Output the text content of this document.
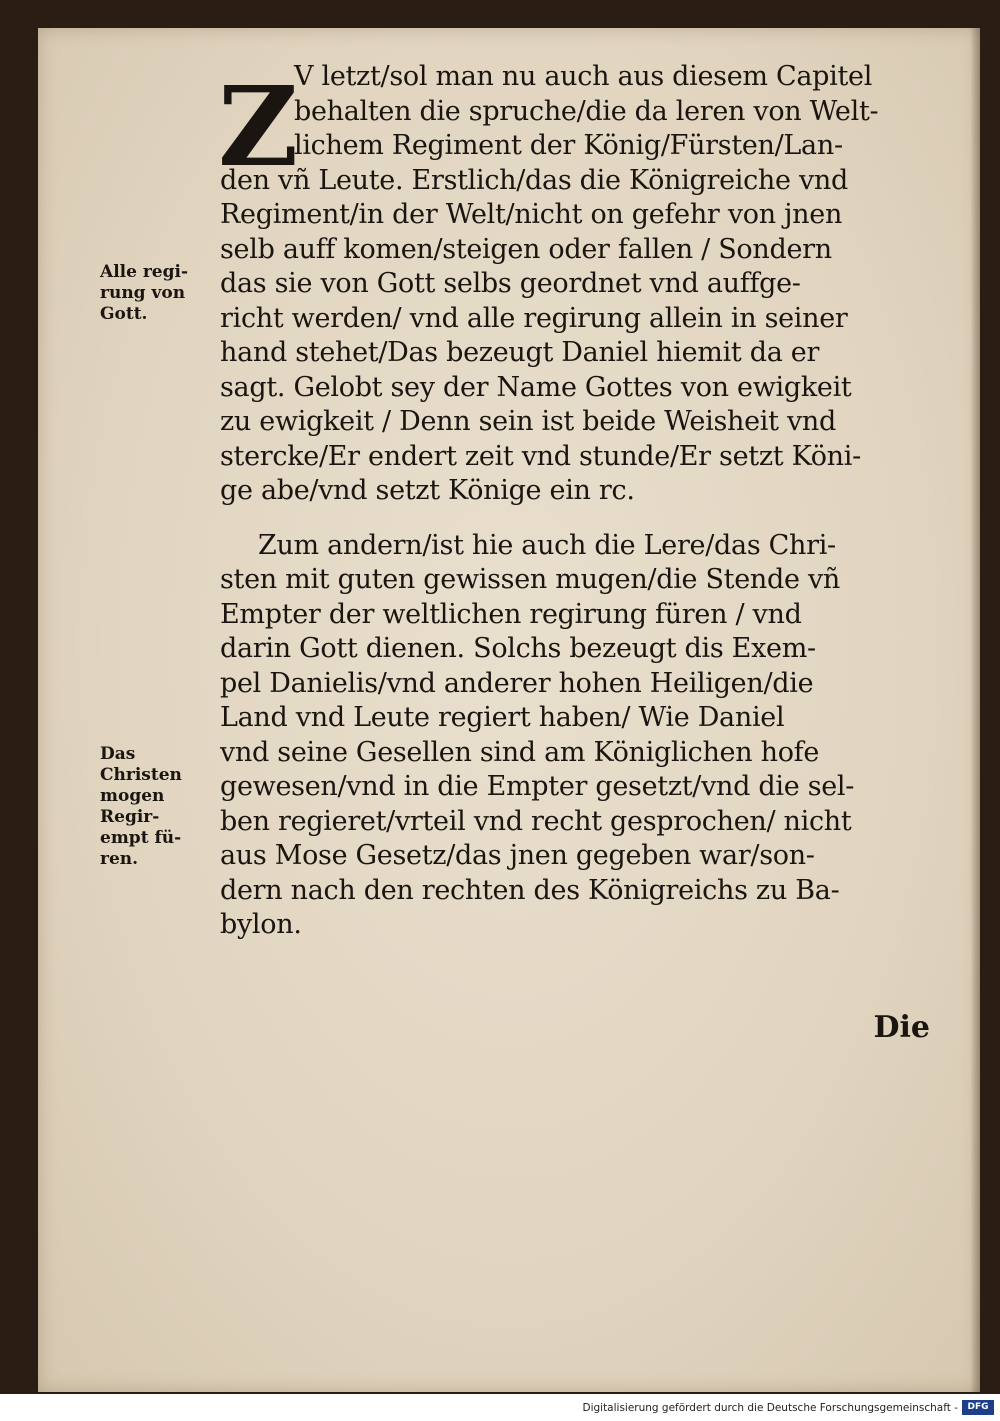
Z
V letzt/sol man nu auch aus diesem Capitel
behalten die spruche/die da leren von Welt-
lichem Regiment der König/Fürsten/Lan-
den vñ Leute. Erstlich/das die Königreiche vnd
Regiment/in der Welt/nicht on gefehr von jnen
selb auff komen/steigen oder fallen / Sondern
das sie von Gott selbs geordnet vnd auffge-
richt werden/ vnd alle regirung allein in seiner
hand stehet/Das bezeugt Daniel hiemit da er
sagt. Gelobt sey der Name Gottes von ewigkeit
zu ewigkeit / Denn sein ist beide Weisheit vnd
stercke/Er endert zeit vnd stunde/Er setzt Köni-
ge abe/vnd setzt Könige ein rc.
Zum andern/ist hie auch die Lere/das Chri-
sten mit guten gewissen mugen/die Stende vñ
Empter der weltlichen regirung füren / vnd
darin Gott dienen. Solchs bezeugt dis Exem-
pel Danielis/vnd anderer hohen Heiligen/die
Land vnd Leute regiert haben/ Wie Daniel
vnd seine Gesellen sind am Königlichen hofe
gewesen/vnd in die Empter gesetzt/vnd die sel-
ben regieret/vrteil vnd recht gesprochen/ nicht
aus Mose Gesetz/das jnen gegeben war/son-
dern nach den rechten des Königreichs zu Ba-
bylon.
Alle regi-
rung von
Gott.
Das
Christen
mogen
Regir-
empt fü-
ren.
Die
Digitalisierung gefördert durch die Deutsche Forschungsgemeinschaft -	DFG
